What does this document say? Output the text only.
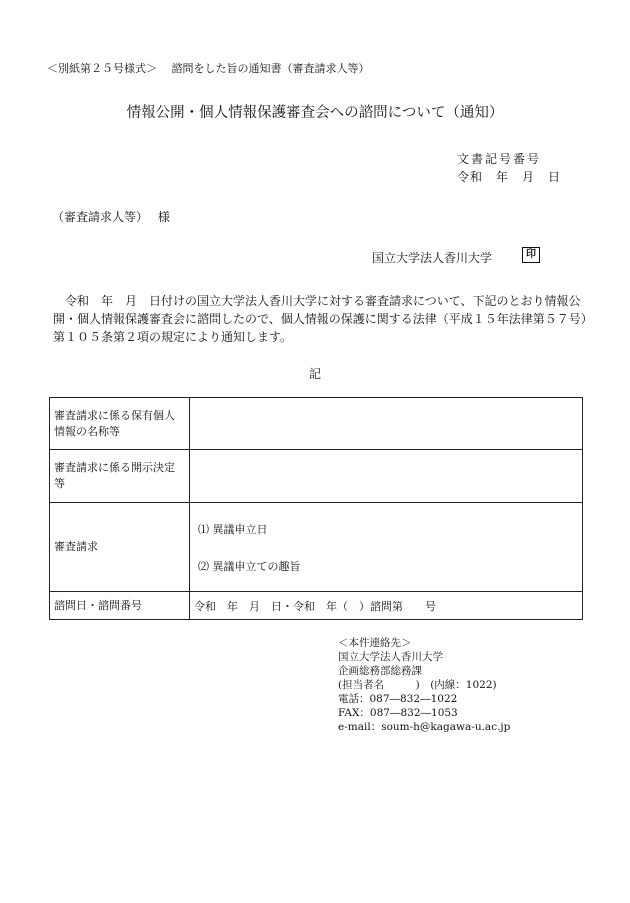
＜別紙第２５号様式＞　 諮問をした旨の通知書（審査請求人等）
情報公開・個人情報保護審査会への諮問について（通知）
文書記号番号
令和　年　月　日
（審査請求人等）　 様
国立大学法人香川大学	印
令和　年　月　日付けの国立大学法人香川大学に対する審査請求について、下記のとおり情報公開・個人情報保護審査会に諮問したので、個人情報の保護に関する法律（平成１５年法律第５７号）第１０５条第２項の規定により通知します。
記
審査請求に係る保有個人情報の名称等	
審査請求に係る開示決定等	
審査請求	⑴ 異議申立日
⑵ 異議申立ての趣旨

諮問日・諮問番号	令和　年　月　日・令和　年（　）諮問第　　号
＜本件連絡先＞
国立大学法人香川大学
企画総務部総務課
(担当者名　　　)　(内線：1022)
電話：087―832―1022
FAX：087―832―1053
e-mail：soum-h@kagawa-u.ac.jp
